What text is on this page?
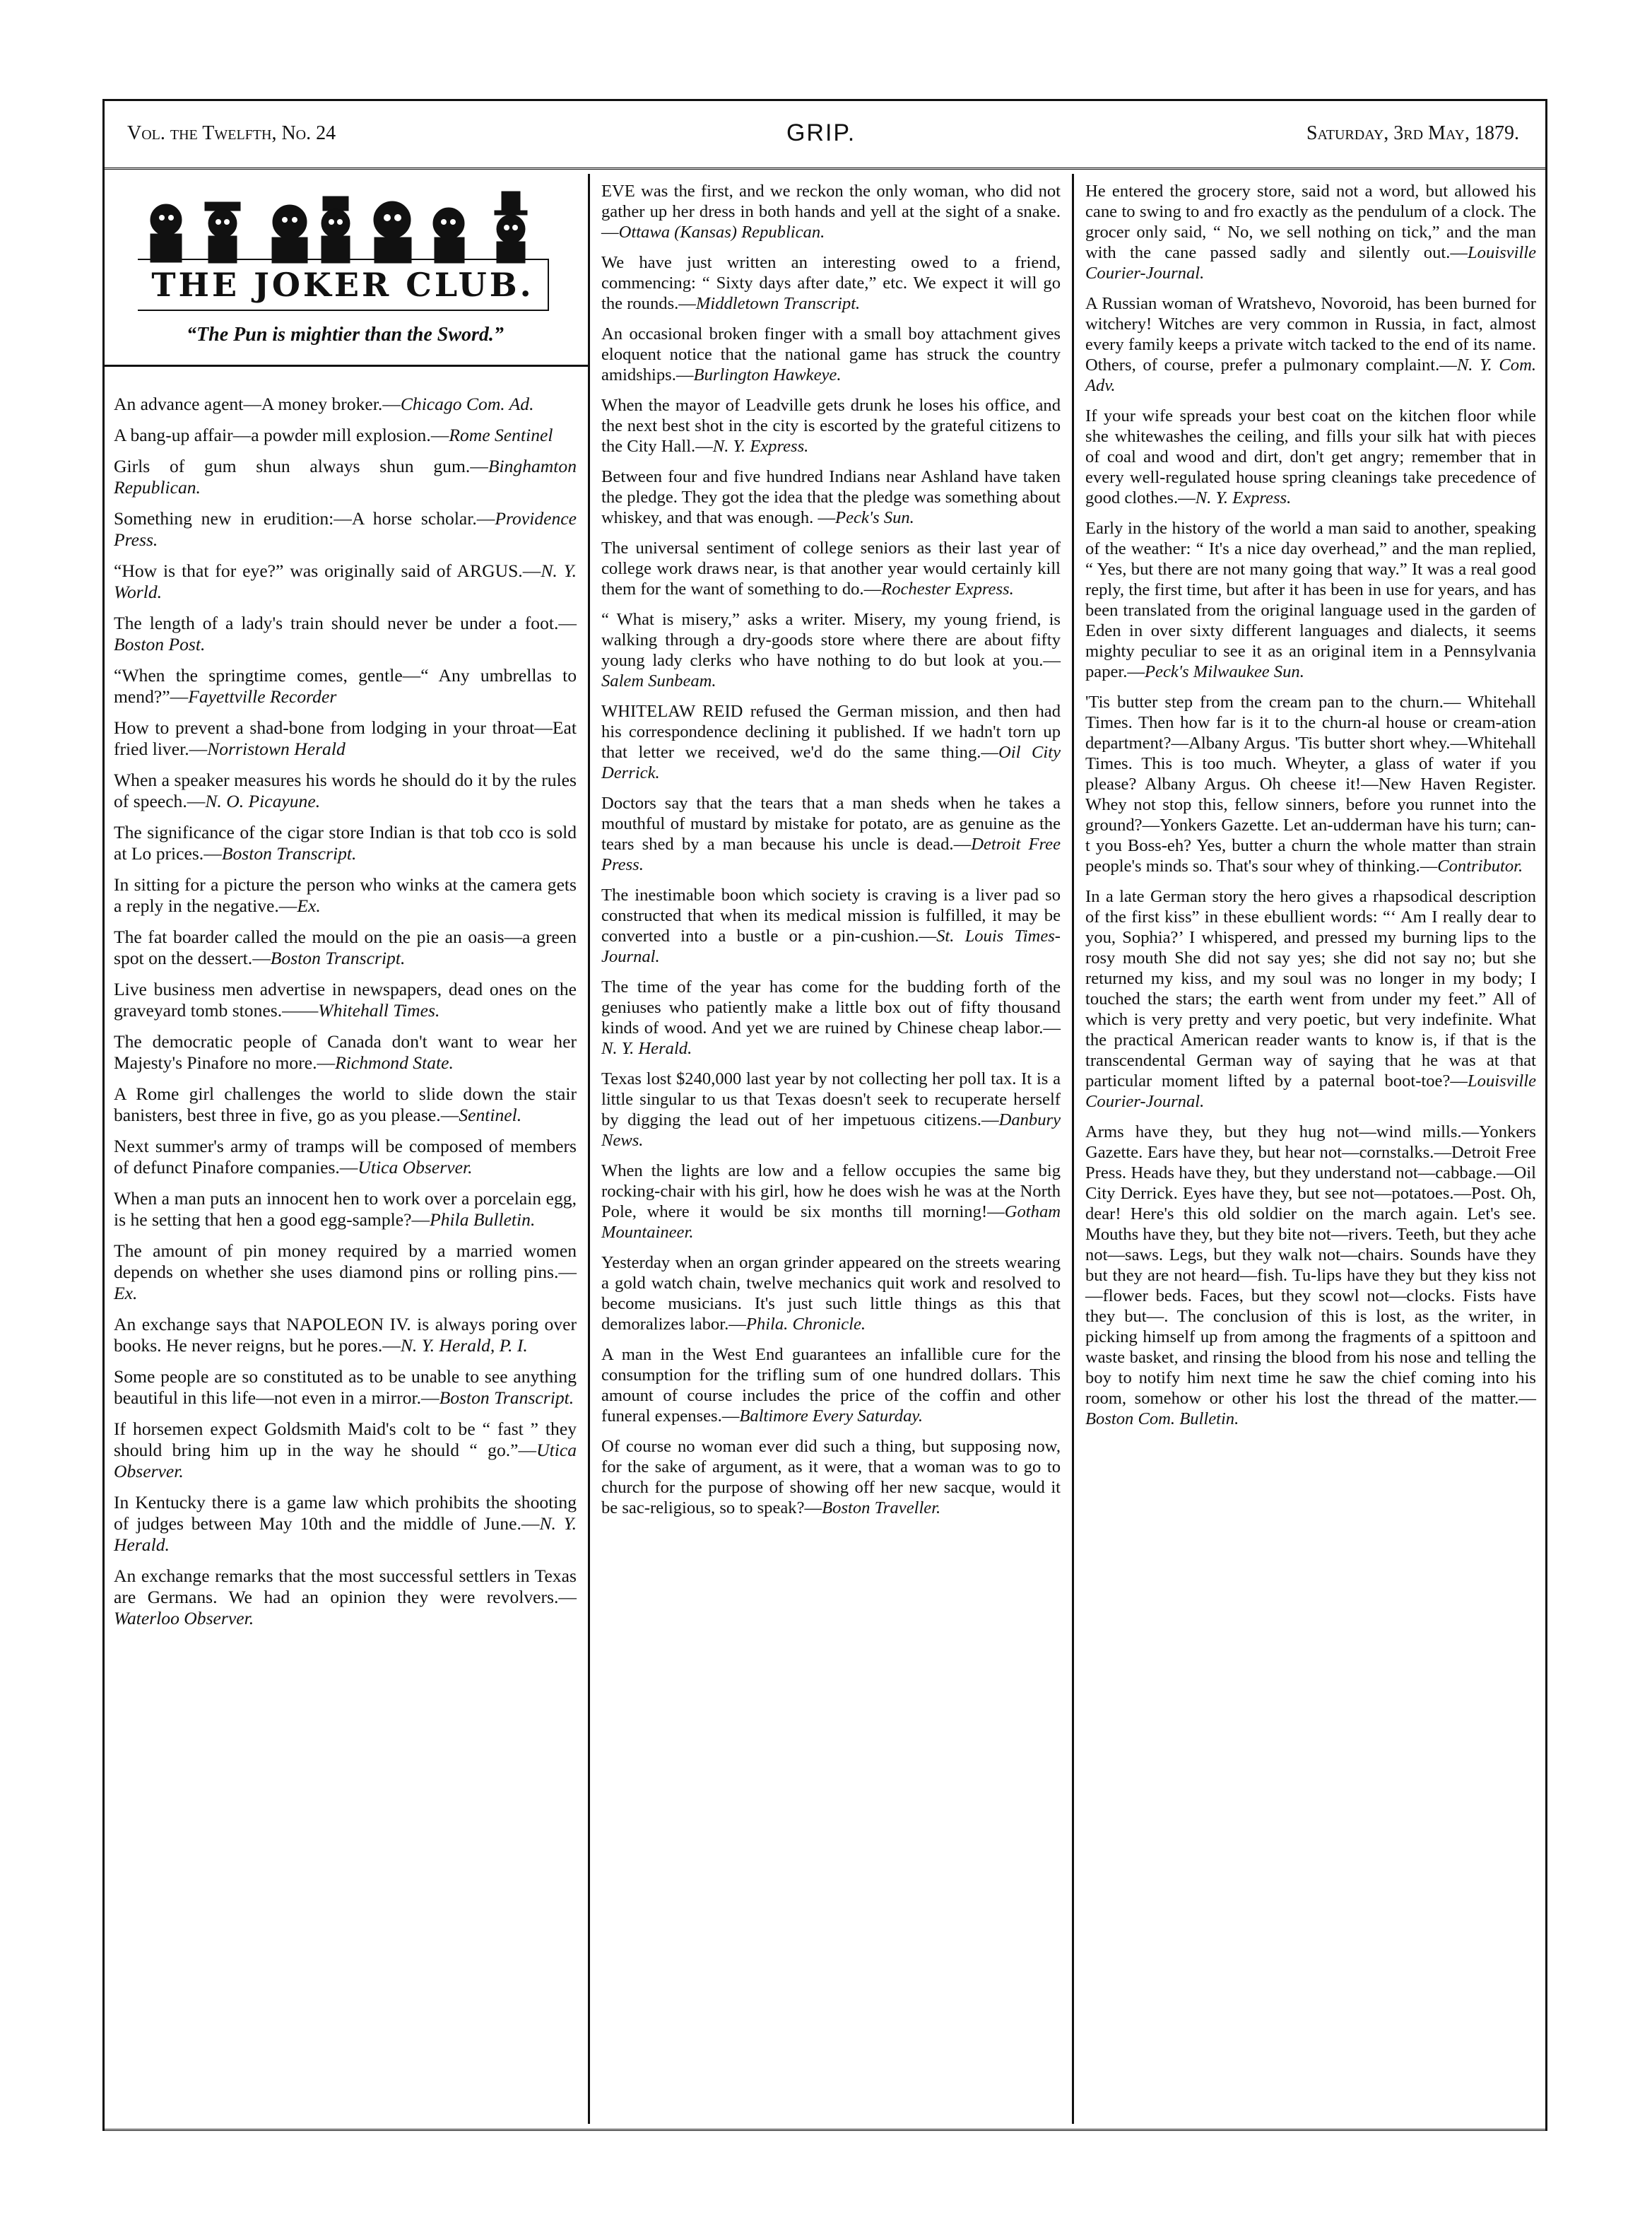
Vol. the Twelfth, No. 24	GRIP.	Saturday, 3rd May, 1879.
THE JOKER CLUB.
“The Pun is mightier than the Sword.”

An advance agent—A money broker.—Chicago Com. Ad.

A bang-up affair—a powder mill explosion.—Rome Sentinel

Girls of gum shun always shun gum.—Binghamton Republican.

Something new in erudition:—A horse scholar.—Providence Press.

“How is that for eye?” was originally said of ARGUS.—N. Y. World.

The length of a lady's train should never be under a foot.—Boston Post.

“When the springtime comes, gentle—“ Any umbrellas to mend?”—Fayettville Recorder

How to prevent a shad-bone from lodging in your throat—Eat fried liver.—Norristown Herald

When a speaker measures his words he should do it by the rules of speech.—N. O. Picayune.

The significance of the cigar store Indian is that tob cco is sold at Lo prices.—Boston Transcript.

In sitting for a picture the person who winks at the camera gets a reply in the negative.—Ex.

The fat boarder called the mould on the pie an oasis—a green spot on the dessert.—Boston Transcript.

Live business men advertise in newspapers, dead ones on the graveyard tomb stones.——Whitehall Times.

The democratic people of Canada don't want to wear her Majesty's Pinafore no more.—Richmond State.

A Rome girl challenges the world to slide down the stair banisters, best three in five, go as you please.—Sentinel.

Next summer's army of tramps will be composed of members of defunct Pinafore companies.—Utica Observer.

When a man puts an innocent hen to work over a porcelain egg, is he setting that hen a good egg-sample?—Phila Bulletin.

The amount of pin money required by a married women depends on whether she uses diamond pins or rolling pins.—Ex.

An exchange says that NAPOLEON IV. is always poring over books. He never reigns, but he pores.—N. Y. Herald, P. I.

Some people are so constituted as to be unable to see anything beautiful in this life—not even in a mirror.—Boston Transcript.

If horsemen expect Goldsmith Maid's colt to be “ fast ” they should bring him up in the way he should “ go.”—Utica Observer.

In Kentucky there is a game law which prohibits the shooting of judges between May 10th and the middle of June.—N. Y. Herald.

An exchange remarks that the most successful settlers in Texas are Germans. We had an opinion they were revolvers.—Waterloo Observer.

EVE was the first, and we reckon the only woman, who did not gather up her dress in both hands and yell at the sight of a snake.—Ottawa (Kansas) Republican.

We have just written an interesting owed to a friend, commencing: “ Sixty days after date,” etc. We expect it will go the rounds.—Middletown Transcript.

An occasional broken finger with a small boy attachment gives eloquent notice that the national game has struck the country amidships.—Burlington Hawkeye.

When the mayor of Leadville gets drunk he loses his office, and the next best shot in the city is escorted by the grateful citizens to the City Hall.—N. Y. Express.

Between four and five hundred Indians near Ashland have taken the pledge. They got the idea that the pledge was something about whiskey, and that was enough. —Peck's Sun.

The universal sentiment of college seniors as their last year of college work draws near, is that another year would certainly kill them for the want of something to do.—Rochester Express.

“ What is misery,” asks a writer. Misery, my young friend, is walking through a dry-goods store where there are about fifty young lady clerks who have nothing to do but look at you.—Salem Sunbeam.

WHITELAW REID refused the German mission, and then had his correspondence declining it published. If we hadn't torn up that letter we received, we'd do the same thing.—Oil City Derrick.

Doctors say that the tears that a man sheds when he takes a mouthful of mustard by mistake for potato, are as genuine as the tears shed by a man because his uncle is dead.—Detroit Free Press.

The inestimable boon which society is craving is a liver pad so constructed that when its medical mission is fulfilled, it may be converted into a bustle or a pin-cushion.—St. Louis Times-Journal.

The time of the year has come for the budding forth of the geniuses who patiently make a little box out of fifty thousand kinds of wood. And yet we are ruined by Chinese cheap labor.—N. Y. Herald.

Texas lost $240,000 last year by not collecting her poll tax. It is a little singular to us that Texas doesn't seek to recuperate herself by digging the lead out of her impetuous citizens.—Danbury News.

When the lights are low and a fellow occupies the same big rocking-chair with his girl, how he does wish he was at the North Pole, where it would be six months till morning!—Gotham Mountaineer.

Yesterday when an organ grinder appeared on the streets wearing a gold watch chain, twelve mechanics quit work and resolved to become musicians. It's just such little things as this that demoralizes labor.—Phila. Chronicle.

A man in the West End guarantees an infallible cure for the consumption for the trifling sum of one hundred dollars. This amount of course includes the price of the coffin and other funeral expenses.—Baltimore Every Saturday.

Of course no woman ever did such a thing, but supposing now, for the sake of argument, as it were, that a woman was to go to church for the purpose of showing off her new sacque, would it be sac-religious, so to speak?—Boston Traveller.

He entered the grocery store, said not a word, but allowed his cane to swing to and fro exactly as the pendulum of a clock. The grocer only said, “ No, we sell nothing on tick,” and the man with the cane passed sadly and silently out.—Louisville Courier-Journal.

A Russian woman of Wratshevo, Novoroid, has been burned for witchery! Witches are very common in Russia, in fact, almost every family keeps a private witch tacked to the end of its name. Others, of course, prefer a pulmonary complaint.—N. Y. Com. Adv.

If your wife spreads your best coat on the kitchen floor while she whitewashes the ceiling, and fills your silk hat with pieces of coal and wood and dirt, don't get angry; remember that in every well-regulated house spring cleanings take precedence of good clothes.—N. Y. Express.

Early in the history of the world a man said to another, speaking of the weather: “ It's a nice day overhead,” and the man replied, “ Yes, but there are not many going that way.” It was a real good reply, the first time, but after it has been in use for years, and has been translated from the original language used in the garden of Eden in over sixty different languages and dialects, it seems mighty peculiar to see it as an original item in a Pennsylvania paper.—Peck's Milwaukee Sun.

'Tis butter step from the cream pan to the churn.— Whitehall Times. Then how far is it to the churn-al house or cream-ation department?—Albany Argus. 'Tis butter short whey.—Whitehall Times. This is too much. Wheyter, a glass of water if you please? Albany Argus. Oh cheese it!—New Haven Register. Whey not stop this, fellow sinners, before you runnet into the ground?—Yonkers Gazette. Let an-udderman have his turn; can-t you Boss-eh? Yes, butter a churn the whole matter than strain people's minds so. That's sour whey of thinking.—Contributor.

In a late German story the hero gives a rhapsodical description of the first kiss” in these ebullient words: “‘ Am I really dear to you, Sophia?’ I whispered, and pressed my burning lips to the rosy mouth She did not say yes; she did not say no; but she returned my kiss, and my soul was no longer in my body; I touched the stars; the earth went from under my feet.” All of which is very pretty and very poetic, but very indefinite. What the practical American reader wants to know is, if that is the transcendental German way of saying that he was at that particular moment lifted by a paternal boot-toe?—Louisville Courier-Journal.

Arms have they, but they hug not—wind mills.—Yonkers Gazette. Ears have they, but hear not—cornstalks.—Detroit Free Press. Heads have they, but they understand not—cabbage.—Oil City Derrick. Eyes have they, but see not—potatoes.—Post. Oh, dear! Here's this old soldier on the march again. Let's see. Mouths have they, but they bite not—rivers. Teeth, but they ache not—saws. Legs, but they walk not—chairs. Sounds have they but they are not heard—fish. Tu-lips have they but they kiss not—flower beds. Faces, but they scowl not—clocks. Fists have they but—. The conclusion of this is lost, as the writer, in picking himself up from among the fragments of a spittoon and waste basket, and rinsing the blood from his nose and telling the boy to notify him next time he saw the chief coming into his room, somehow or other his lost the thread of the matter.—Boston Com. Bulletin.
